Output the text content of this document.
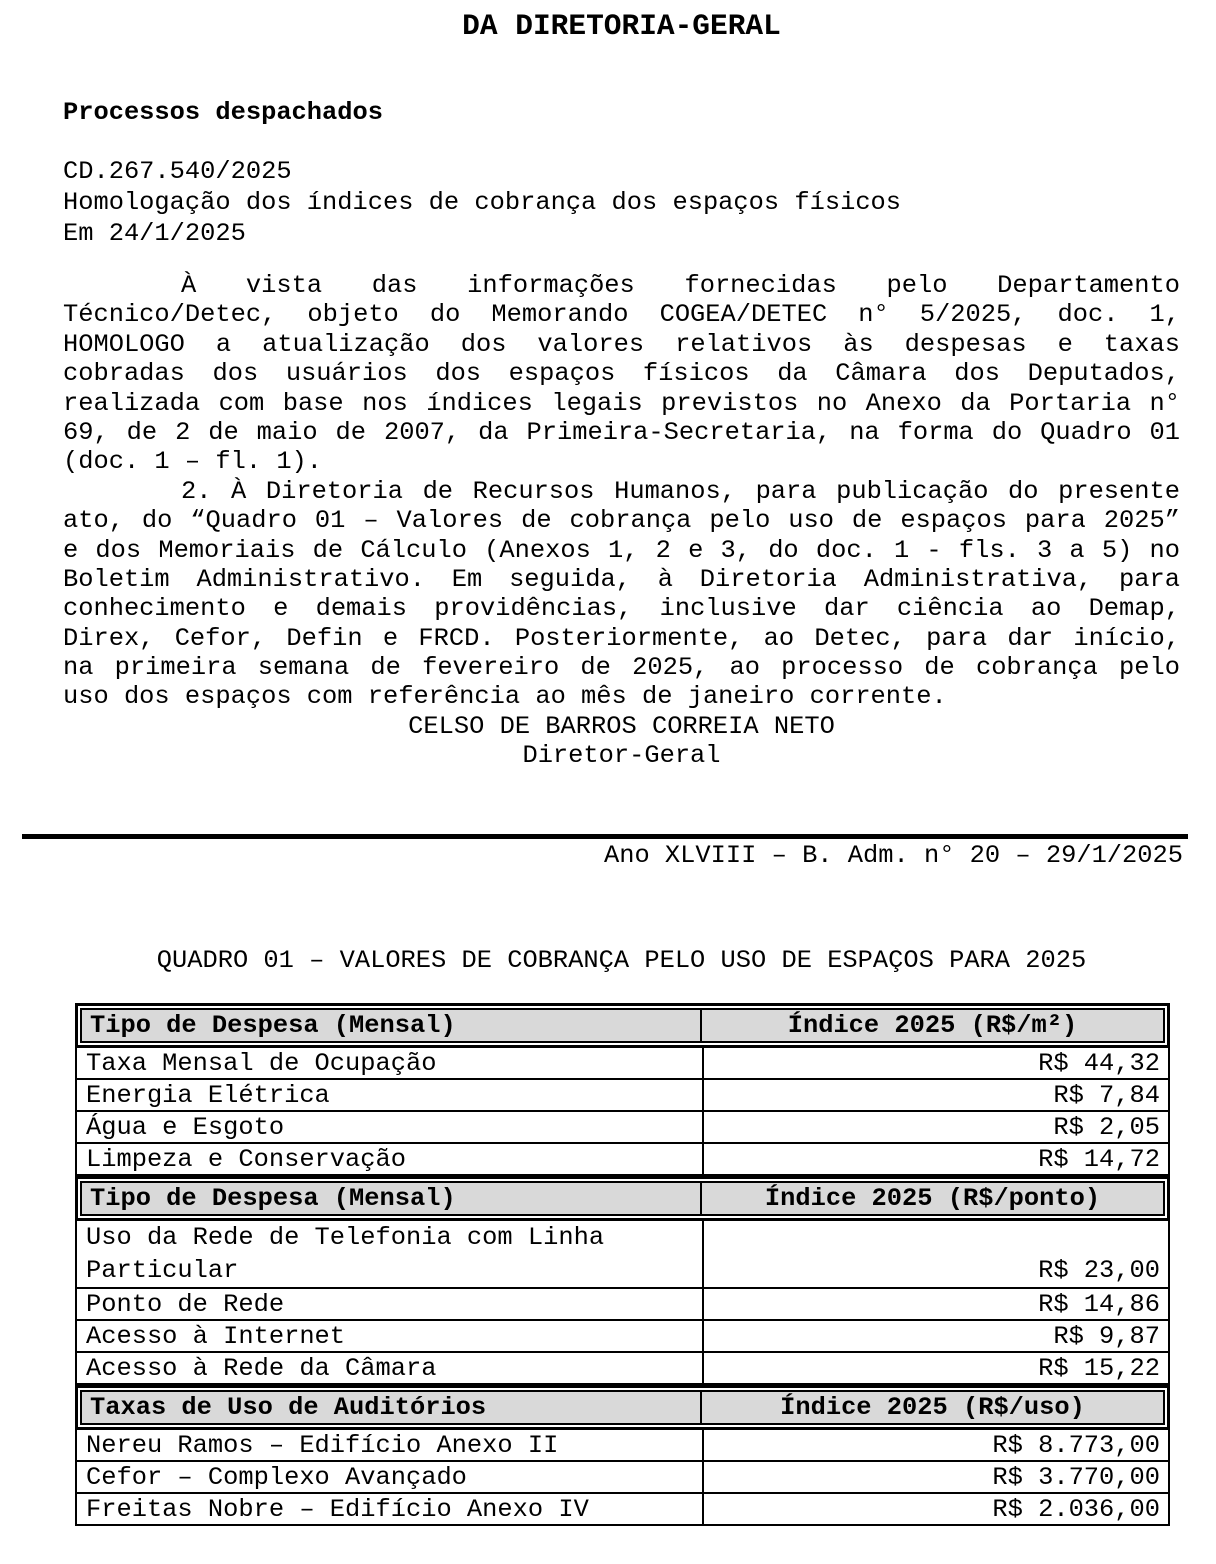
DA DIRETORIA-GERAL
Processos despachados
CD.267.540/2025
Homologação dos índices de cobrança dos espaços físicos
Em 24/1/2025
À vista das informações fornecidas pelo Departamento
Técnico/Detec, objeto do Memorando COGEA/DETEC n° 5/2025, doc. 1,
HOMOLOGO a atualização dos valores relativos às despesas e taxas
cobradas dos usuários dos espaços físicos da Câmara dos Deputados,
realizada com base nos índices legais previstos no Anexo da Portaria n°
69, de 2 de maio de 2007, da Primeira-Secretaria, na forma do Quadro 01
(doc. 1 – fl. 1).
2. À Diretoria de Recursos Humanos, para publicação do presente
ato, do “Quadro 01 – Valores de cobrança pelo uso de espaços para 2025”
e dos Memoriais de Cálculo (Anexos 1, 2 e 3, do doc. 1 - fls. 3 a 5) no
Boletim Administrativo. Em seguida, à Diretoria Administrativa, para
conhecimento e demais providências, inclusive dar ciência ao Demap,
Direx, Cefor, Defin e FRCD. Posteriormente, ao Detec, para dar início,
na primeira semana de fevereiro de 2025, ao processo de cobrança pelo
uso dos espaços com referência ao mês de janeiro corrente.
CELSO DE BARROS CORREIA NETO
Diretor-Geral
Ano XLVIII – B. Adm. n° 20 – 29/1/2025
QUADRO 01 – VALORES DE COBRANÇA PELO USO DE ESPAÇOS PARA 2025
Tipo de Despesa (Mensal)	Índice 2025 (R$/m²)
Taxa Mensal de Ocupação	R$ 44,32
Energia Elétrica	R$ 7,84
Água e Esgoto	R$ 2,05
Limpeza e Conservação	R$ 14,72
Tipo de Despesa (Mensal)	Índice 2025 (R$/ponto)
Uso da Rede de Telefonia com Linha Particular	R$ 23,00
Ponto de Rede	R$ 14,86
Acesso à Internet	R$ 9,87
Acesso à Rede da Câmara	R$ 15,22
Taxas de Uso de Auditórios	Índice 2025 (R$/uso)
Nereu Ramos – Edifício Anexo II	R$ 8.773,00
Cefor – Complexo Avançado	R$ 3.770,00
Freitas Nobre – Edifício Anexo IV	R$ 2.036,00
